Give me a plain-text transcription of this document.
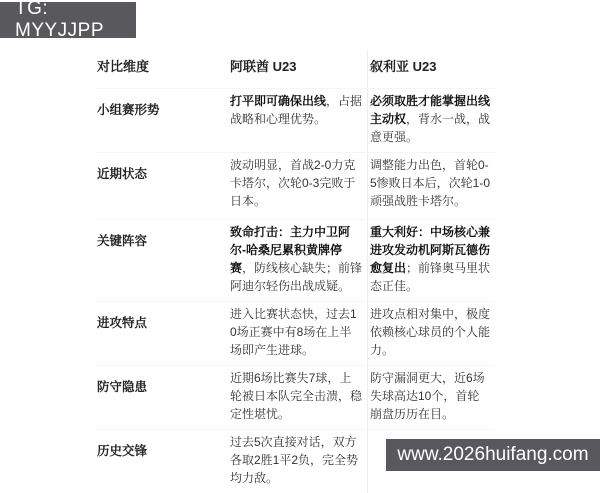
TG: MYYJJPP
对比维度	阿联酋 U23	叙利亚 U23
小组赛形势
打平即可确保出线，占据战略和心理优势。
必须取胜才能掌握出线主动权，背水一战，战意更强。
近期状态
波动明显，首战2-0力克卡塔尔，次轮0-3完败于日本。
调整能力出色，首轮0-5惨败日本后，次轮1-0顽强战胜卡塔尔。
关键阵容
致命打击：主力中卫阿尔-哈桑尼累积黄牌停赛，防线核心缺失；前锋阿迪尔轻伤出战成疑。
重大利好：中场核心兼进攻发动机阿斯瓦德伤愈复出；前锋奥马里状态正佳。
进攻特点
进入比赛状态快，过去10场正赛中有8场在上半场即产生进球。
进攻点相对集中，极度依赖核心球员的个人能力。
防守隐患
近期6场比赛失7球，上轮被日本队完全击溃，稳定性堪忧。
防守漏洞更大，近6场失球高达10个，首轮崩盘历历在目。
历史交锋
过去5次直接对话，双方各取2胜1平2负，完全势均力敌。
www.2026huifang.com
